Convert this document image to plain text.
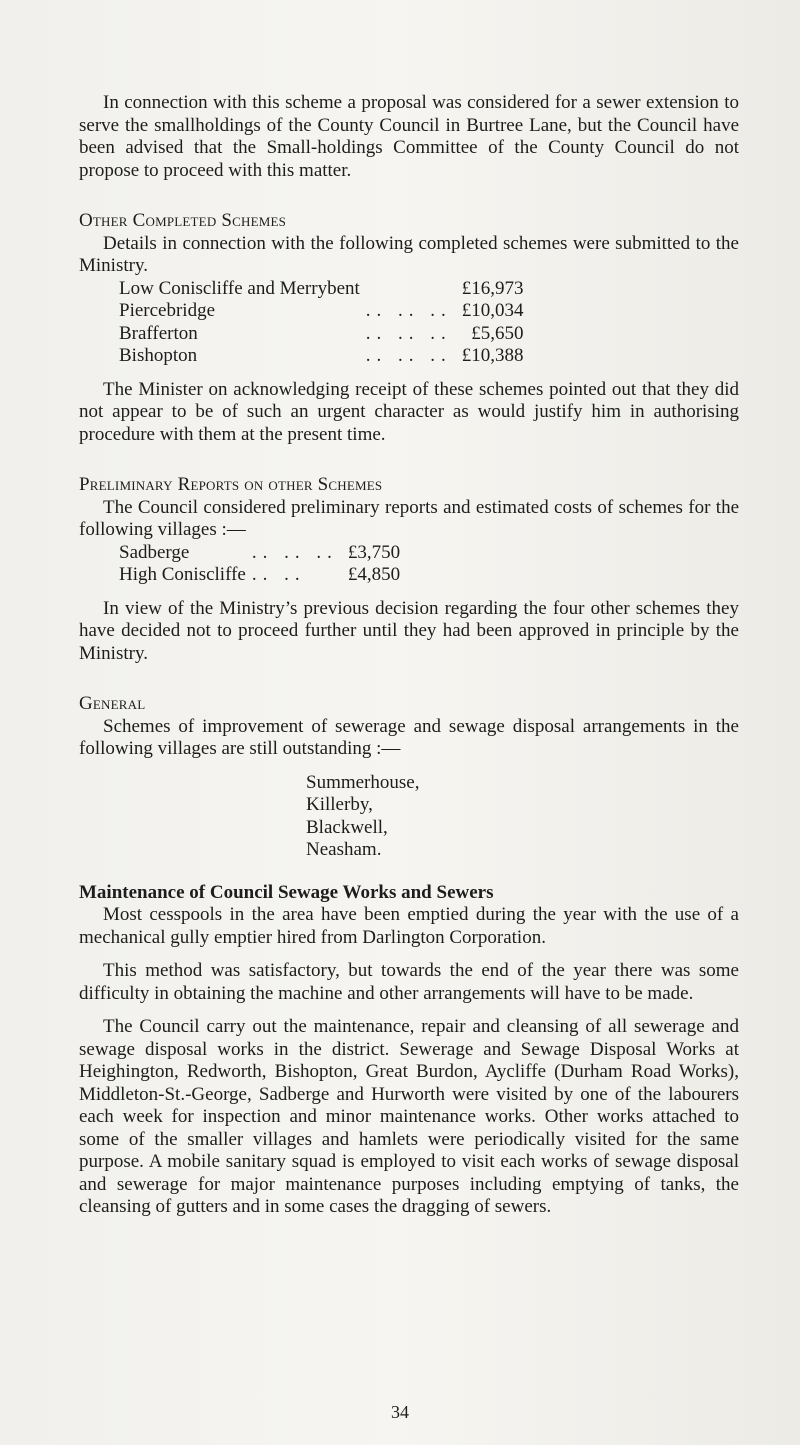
In connection with this scheme a proposal was considered for a sewer extension to serve the smallholdings of the County Council in Burtree Lane, but the Council have been advised that the Small-holdings Committee of the County Council do not propose to proceed with this matter.

Other Completed Schemes

Details in connection with the following completed schemes were submitted to the Ministry.

Low Coniscliffe and Merrybent		£16,973
Piercebridge	.. .. ..	£10,034
Brafferton	.. .. ..	£5,650
Bishopton	.. .. ..	£10,388

The Minister on acknowledging receipt of these schemes pointed out that they did not appear to be of such an urgent character as would justify him in authorising procedure with them at the present time.

Preliminary Reports on other Schemes

The Council considered preliminary reports and estimated costs of schemes for the following villages :—

Sadberge	.. .. ..	£3,750
High Coniscliffe	.. ..	£4,850

In view of the Ministry’s previous decision regarding the four other schemes they have decided not to proceed further until they had been approved in principle by the Ministry.

General

Schemes of improvement of sewerage and sewage disposal arrangements in the following villages are still outstanding :—

Summerhouse,
Killerby,
Blackwell,
Neasham.
Maintenance of Council Sewage Works and Sewers

Most cesspools in the area have been emptied during the year with the use of a mechanical gully emptier hired from Darlington Corporation.

This method was satisfactory, but towards the end of the year there was some difficulty in obtaining the machine and other arrangements will have to be made.

The Council carry out the maintenance, repair and cleansing of all sewerage and sewage disposal works in the district. Sewerage and Sewage Disposal Works at Heighington, Redworth, Bishopton, Great Burdon, Aycliffe (Durham Road Works), Middleton-St.-George, Sadberge and Hurworth were visited by one of the labourers each week for inspection and minor maintenance works. Other works attached to some of the smaller villages and hamlets were periodically visited for the same purpose. A mobile sanitary squad is employed to visit each works of sewage disposal and sewerage for major maintenance purposes including emptying of tanks, the cleansing of gutters and in some cases the dragging of sewers.

34
